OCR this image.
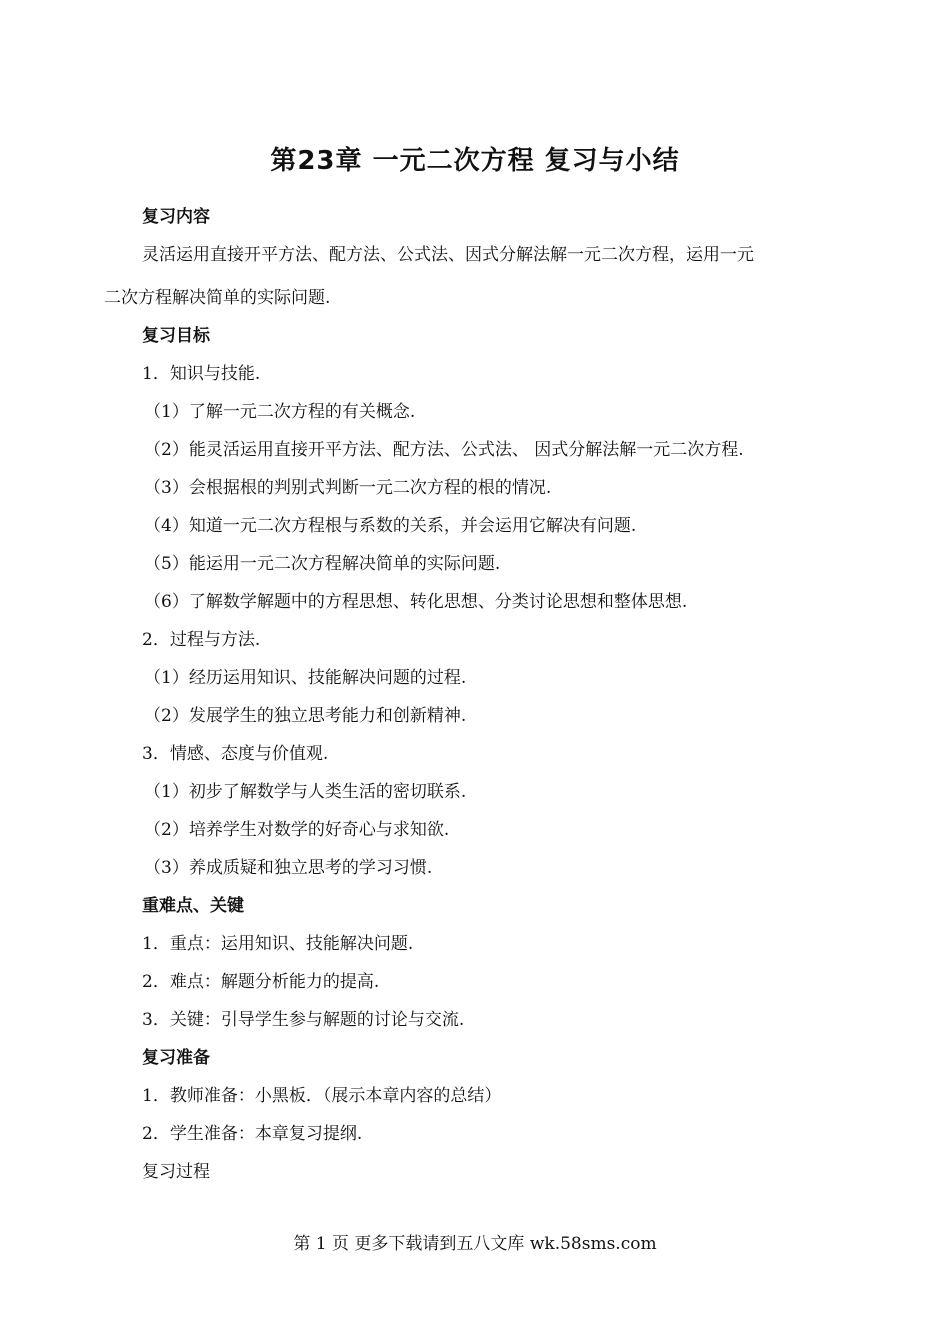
第23章 一元二次方程 复习与小结
复习内容
灵活运用直接开平方法、配方法、公式法、因式分解法解一元二次方程，运用一元
二次方程解决简单的实际问题.
复习目标
1．知识与技能.
（1）了解一元二次方程的有关概念.
（2）能灵活运用直接开平方法、配方法、公式法、 因式分解法解一元二次方程.
（3）会根据根的判别式判断一元二次方程的根的情况.
（4）知道一元二次方程根与系数的关系，并会运用它解决有问题.
（5）能运用一元二次方程解决简单的实际问题.
（6）了解数学解题中的方程思想、转化思想、分类讨论思想和整体思想.
2．过程与方法.
（1）经历运用知识、技能解决问题的过程.
（2）发展学生的独立思考能力和创新精神.
3．情感、态度与价值观.
（1）初步了解数学与人类生活的密切联系.
（2）培养学生对数学的好奇心与求知欲.
（3）养成质疑和独立思考的学习习惯.
重难点、关键
1．重点：运用知识、技能解决问题.
2．难点：解题分析能力的提高.
3．关键：引导学生参与解题的讨论与交流.
复习准备
1．教师准备：小黑板．（展示本章内容的总结）
2．学生准备：本章复习提纲.
复习过程
第 1 页 更多下载请到五八文库 wk.58sms.com
